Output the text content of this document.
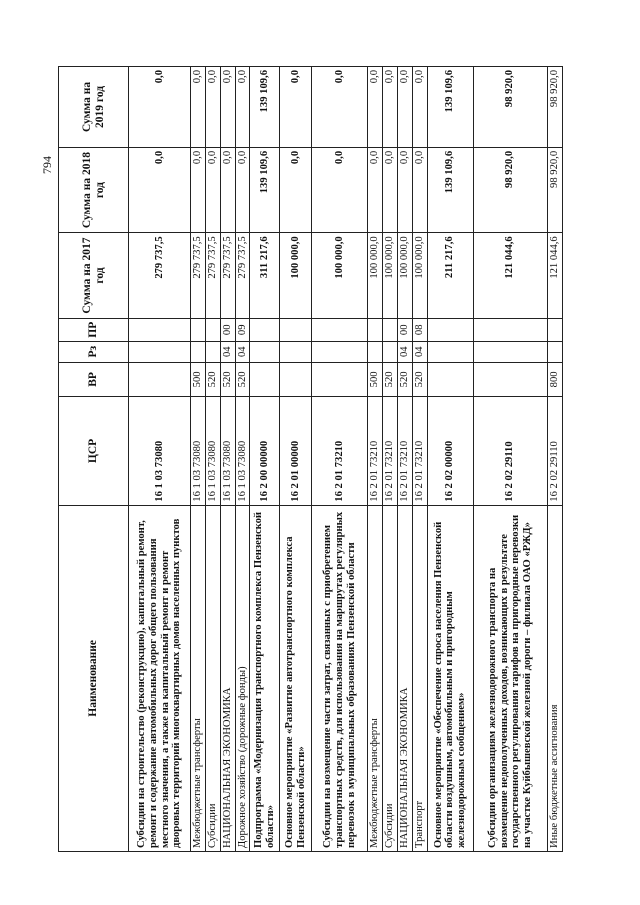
794
Наименование	ЦСР	ВР	Рз	ПР	Сумма на 2017 год	Сумма на 2018 год	Сумма на 2019 год
Субсидии на строительство (реконструкцию), капитальный ремонт, ремонт и содержание автомобильных дорог общего пользования местного значения, а также на капитальный ремонт и ремонт дворовых территорий многоквартирных домов населенных пунктов	16 1 03 73080				279 737,5	0,0	0,0
Межбюджетные трансферты	16 1 03 73080	500			279 737,5	0,0	0,0
Субсидии	16 1 03 73080	520			279 737,5	0,0	0,0
НАЦИОНАЛЬНАЯ ЭКОНОМИКА	16 1 03 73080	520	04	00	279 737,5	0,0	0,0
Дорожное хозяйство (дорожные фонды)	16 1 03 73080	520	04	09	279 737,5	0,0	0,0
Подпрограмма «Модернизация транспортного комплекса Пензенской области»	16 2 00 00000				311 217,6	139 109,6	139 109,6
Основное мероприятие «Развитие автотранспортного комплекса Пензенской области»	16 2 01 00000				100 000,0	0,0	0,0
Субсидии на возмещение части затрат, связанных с приобретением транспортных средств, для использования на маршрутах регулярных перевозок в муниципальных образованиях Пензенской области	16 2 01 73210				100 000,0	0,0	0,0
Межбюджетные трансферты	16 2 01 73210	500			100 000,0	0,0	0,0
Субсидии	16 2 01 73210	520			100 000,0	0,0	0,0
НАЦИОНАЛЬНАЯ ЭКОНОМИКА	16 2 01 73210	520	04	00	100 000,0	0,0	0,0
Транспорт	16 2 01 73210	520	04	08	100 000,0	0,0	0,0
Основное мероприятие «Обеспечение спроса населения Пензенской области воздушным, автомобильным и пригородным железнодорожным сообщением»	16 2 02 00000				211 217,6	139 109,6	139 109,6
Субсидии организациям железнодорожного транспорта на возмещение недополученных доходов, возникающих в результате государственного регулирования тарифов на пригородные перевозки на участке Куйбышевской железной дороги – филиала ОАО «РЖД»	16 2 02 29110				121 044,6	98 920,0	98 920,0
Иные бюджетные ассигнования	16 2 02 29110	800			121 044,6	98 920,0	98 920,0
